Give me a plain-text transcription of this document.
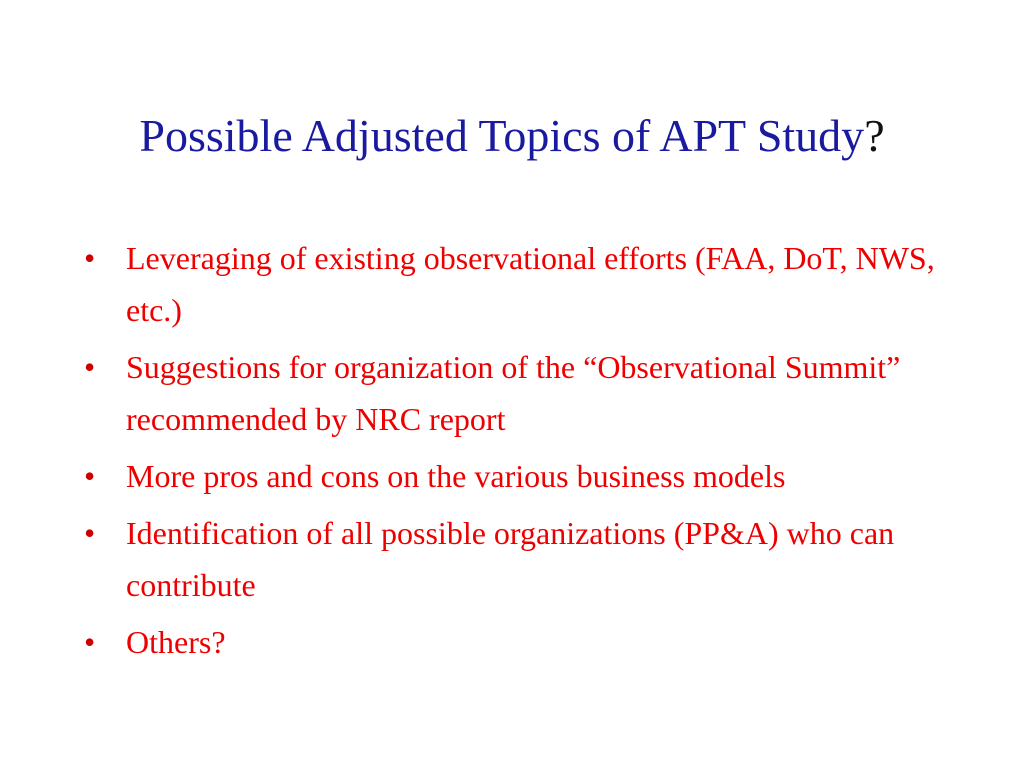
Possible Adjusted Topics of APT Study?
• Leveraging of existing observational efforts (FAA, DoT, NWS, etc.)
• Suggestions for organization of the “Observational Summit” recommended by NRC report
• More pros and cons on the various business models
• Identification of all possible organizations (PP&A) who can contribute
• Others?
